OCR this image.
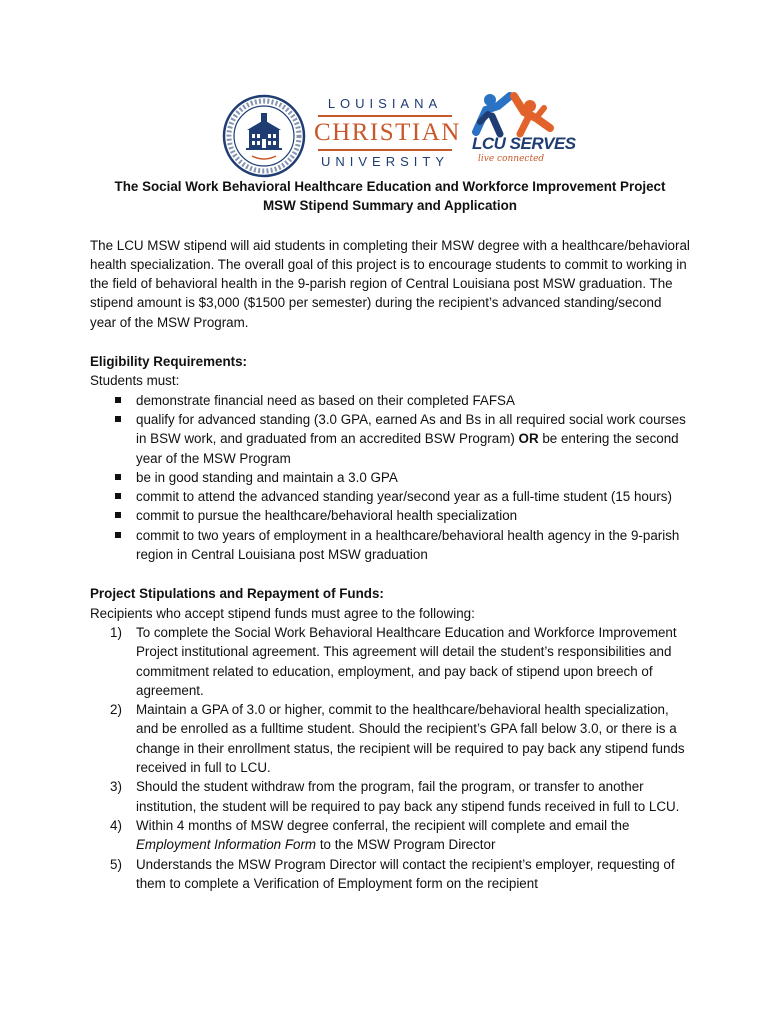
LOUISIANA
CHRISTIAN
UNIVERSITY
LCU SERVES
live connected

The Social Work Behavioral Healthcare Education and Workforce Improvement Project
MSW Stipend Summary and Application

The LCU MSW stipend will aid students in completing their MSW degree with a healthcare/behavioral health specialization. The overall goal of this project is to encourage students to commit to working in the field of behavioral health in the 9-parish region of Central Louisiana post MSW graduation. The stipend amount is $3,000 ($1500 per semester) during the recipient’s advanced standing/second year of the MSW Program.

Eligibility Requirements:

Students must:

demonstrate financial need as based on their completed FAFSA
qualify for advanced standing (3.0 GPA, earned As and Bs in all required social work courses in BSW work, and graduated from an accredited BSW Program) OR be entering the second year of the MSW Program
be in good standing and maintain a 3.0 GPA
commit to attend the advanced standing year/second year as a full-time student (15 hours)
commit to pursue the healthcare/behavioral health specialization
commit to two years of employment in a healthcare/behavioral health agency in the 9-parish region in Central Louisiana post MSW graduation

Project Stipulations and Repayment of Funds:

Recipients who accept stipend funds must agree to the following:

1) To complete the Social Work Behavioral Healthcare Education and Workforce Improvement Project institutional agreement. This agreement will detail the student’s responsibilities and commitment related to education, employment, and pay back of stipend upon breech of agreement.
2) Maintain a GPA of 3.0 or higher, commit to the healthcare/behavioral health specialization, and be enrolled as a fulltime student. Should the recipient’s GPA fall below 3.0, or there is a change in their enrollment status, the recipient will be required to pay back any stipend funds received in full to LCU.
3) Should the student withdraw from the program, fail the program, or transfer to another institution, the student will be required to pay back any stipend funds received in full to LCU.
4) Within 4 months of MSW degree conferral, the recipient will complete and email the Employment Information Form to the MSW Program Director
5) Understands the MSW Program Director will contact the recipient’s employer, requesting of them to complete a Verification of Employment form on the recipient
